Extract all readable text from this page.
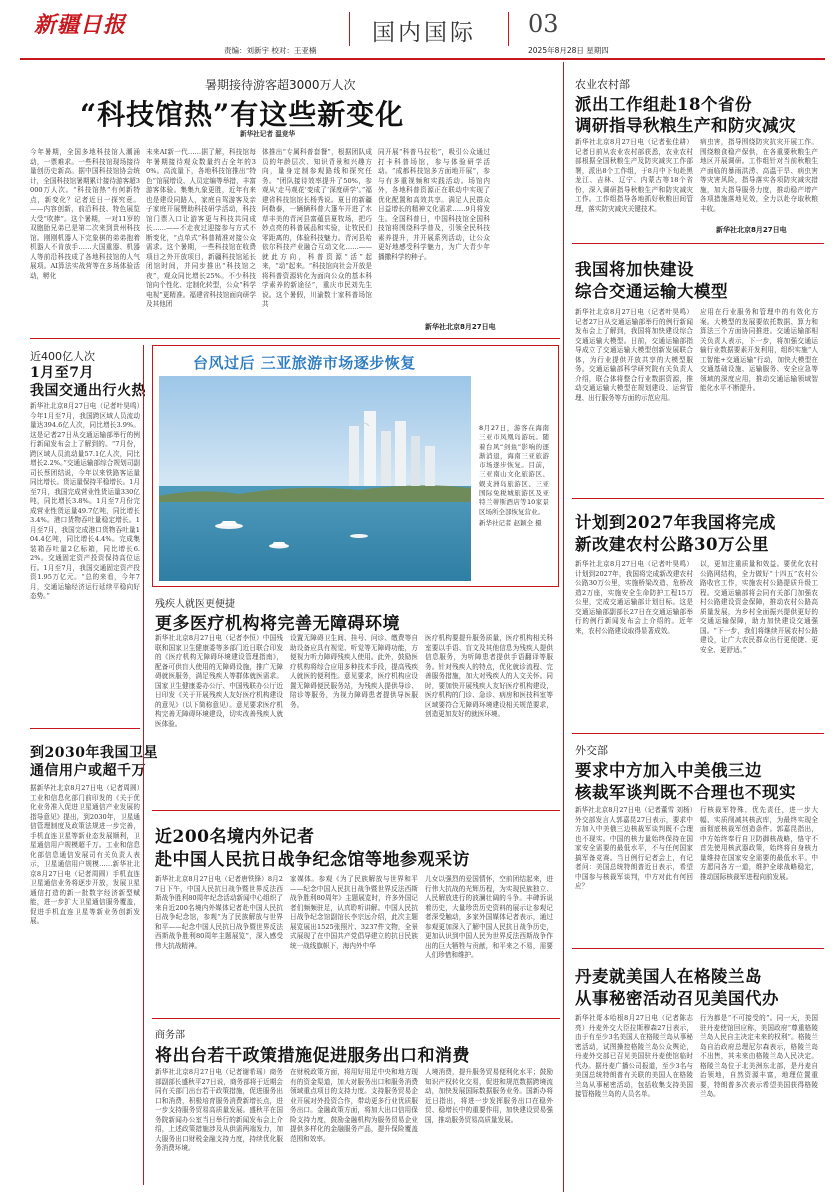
新疆日报
责编：刘新宇 校对：王亚楠
国内国际 03
2025年8月28日 星期四
暑期接待游客超3000万人次
“科技馆热”有这些新变化
新华社记者 温竞华
今年暑期，全国多地科技馆人潮涌动，一票难求。一些科技馆现场接待量创历史新高。据中国科技馆协会统计，全国科技馆暑期累计接待游客超3000万人次。“科技馆热”有何新特点，新变化？记者近日一探究竟。——内容创新，前沿科技、特色展览大受“吹捧”。这个暑期，一对11岁的双胞胎兄弟已是第二次来到贵州科技馆。刚刚机器人下完象棋的弟弟抱着机器人不肯放手……大国重器、机器人等前沿科技成了各地科技馆的人气展项。AI算法实战营等在多场体验活动，孵化
未来AI新一代……据了解，科技馆每年暑期接待观众数量约占全年的30%。高流量下，各地科技馆推出“特色”馆展增设、人员定编等举措，丰富游客体验。集集九象更胜，近年有来也是建设同路人，家庭自驾游客及亲子家庭开展赞助科技研学活动，科技馆门票入口让游客更与科技共同成长……——不走夜过迎接参与方式不断变化，“点单式”科普精准对接公众需求。这个暑期，一些科技馆在收费项目之外开放项目，新疆科技馆延长闭馆时间，并同步推出“科技馆之夜”，观众同比增长25%。不少科技馆向个性化、定制化转型，公众“科学电视”更精准。福建省科技馆面向研学及其他团
体推出“专属科普套餐”，根据团队成员的年龄层次、知识背景和兴趣方向，量身定制参观路线和探究任务。“团队接待效率提升了50%，参观从‘走马观花’变成了‘深度研学’。”福建省科技馆馆长杨秀说。夏日的新疆阿勒泰，一辆辆科普大篷车开进了水草丰美的青河县富蕴县夏牧场，把巧妙点亮的科普展品和实验，让牧民们零距离的，体验科技魅力。青河县哈依尔科技产业融合互动文化……——就此方向，科普资源“活”起来，“动”起来。“科技馆向社会开放是将科普资源转化为面向公众的基本科学素养的新途径”，重庆市民刘先生说。这个暑假，川渝数十家科普场馆共
同开展“科普马拉松”，吸引公众通过打卡科普场馆，参与体验研学活动。“成都科技馆多方面地开展”，参与有多重视频和实践活动。场馆内外，各地科普资源正在联动中实现了优化配置和高效共享。满足人民群众日益增长的精神文化需求……9月将发生。全国科普日，中国科技馆全国科技馆将围绕科学普及，引领全民科技素养提升，并开展系列活动，让公众更好地感受科学魅力，为广大青少年播撒科学的种子。
新华社北京8月27日电
近400亿人次
1月至7月
我国交通出行火热
新华社北京8月27日电（记者叶昊鸣）今年1月至7月，我国跨区域人员流动量达394.6亿人次，同比增长3.9%。这是记者27日从交通运输部举行的例行新闻发布会上了解到的。“7月份，跨区域人员流动量57.1亿人次，同比增长2.2%。”交通运输部综合规划司副司长蔡团结说，今年以来铁路客运量同比增长。货运量保持平稳增长。1月至7月，我国完成营业性货运量330亿吨，同比增长3.8%。1月至7月份完成营业性货运量49.7亿吨，同比增长3.4%。港口货物吞吐量稳定增长。1月至7月，我国完成港口货物吞吐量104.4亿吨，同比增长4.4%。完成集装箱吞吐量2亿标箱，同比增长6.2%。交通固定资产投资保持高位运行。1月至7月，我国交通固定资产投资1.95万亿元。“总的来看，今年7月，交通运输经济运行延续平稳向好态势。”
到2030年我国卫星
通信用户或超千万
据新华社北京8月27日电（记者周圆）工业和信息化部门前印发的《关于优化业务准入促进卫星通信产业发展的指导意见》提出，到2030年，卫星通信管理制度及政策法规进一步完善，手机直连卫星等新业态发展顺利，卫星通信用户规模超千万。工业和信息化部信息通信发展司有关负责人表示，卫星通信用户规模……新华社北京8月27日电（记者周圆）手机直连卫星通信业务将逐步开放，发展卫星通信打造的新一批数字经济新型赋能，进一步扩大卫星通信服务覆盖，促进手机直连卫星等新业务创新发展。
台风过后 三亚旅游市场逐步恢复
8月27日，游客在海南三亚市凤凰岛游玩。随着台风“剑鱼”影响的逐渐消退，海南三亚旅游市场逐步恢复。目前，三亚南山文化旅游区、蜈支洲岛旅游区、三亚国际免税城旅游区及亚特兰蒂斯酒店等10家景区场所全部恢复营业。
新华社记者 赵颖全 摄
残疾人就医更便捷
更多医疗机构将完善无障碍环境
新华社北京8月27日电（记者李恒）中国残联和国家卫生健康委等多部门近日联合印发的《医疗机构无障碍环境建设管理指南》，配备可供盲人使用的无障碍设施，推广无障碍就医服务，满足残疾人等群体就医需求。国家卫生健康委办公厅、中国残联办公厅近日印发《关于开展残疾人友好医疗机构建设的意见》（以下简称意见）。意见要求医疗机构完善无障碍环境建设，切实改善残疾人就医体验。
设置无障碍卫生间、挂号、问诊、缴费等自助设备应具有视觉、听觉等无障碍功能，方便视力听力障碍残疾人使用。此外，鼓励医疗机构将综合应用多种技术手段，提高残疾人就医的便利性。意见要求，医疗机构应设置无障碍便民服务站，为残疾人提供导诊、陪诊等服务，为视力障碍患者提供导医服务。
医疗机构要提升服务质量，医疗机构相关科室要以手语、盲文及其他信息为残疾人提供信息服务，为听障患者提供手语翻译等服务。针对残疾人的特点，优化就诊流程、完善服务措施，加大对残疾人的人文关怀。同时，要加快开展残疾人友好医疗机构建设，医疗机构的门诊、急诊、病房和医技科室等区域要符合无障碍环境建设相关规范要求，创造更加友好的就医环境。
近200名境内外记者
赴中国人民抗日战争纪念馆等地参观采访
新华社北京8月27日电（记者唐铁锋）8月27日下午，中国人民抗日战争暨世界反法西斯战争胜利80周年纪念活动新闻中心组织了来自近200名境内外媒体记者赴中国人民抗日战争纪念馆，参观“为了民族解放与世界和平——纪念中国人民抗日战争暨世界反法西斯战争胜利80周年主题展览”，深入感受伟大抗战精神。
家媒体。参观《为了民族解放与世界和平——纪念中国人民抗日战争暨世界反法西斯战争胜利80周年》主题展览时，许多外国记者们频频驻足，认真聆听讲解。中国人民抗日战争纪念馆副馆长李宗远介绍，此次主题展览展出1525张照片、3237件文物，全景式展现了在中国共产党倡导建立的抗日民族统一战线旗帜下，海内外中华
儿女以强烈的爱国情怀，空前团结起来，进行伟大抗战的光辉历程，为实现民族独立、人民解放进行的波澜壮阔的斗争。丰碑诉说着历史，大量珍贵历史资料的展示让参观记者深受触动，多家外国媒体记者表示，通过参观更加深入了解中国人民抗日战争历史，更加认识到中国人民为世界反法西斯战争作出的巨大牺牲与贡献，和平来之不易，需要人们珍惜和维护。
商务部
将出台若干政策措施促进服务出口和消费
新华社北京8月27日电（记者谢希瑶）商务部副部长盛秋平27日说，商务部将于近期会同有关部门出台若干政策措施，促进服务出口和消费，积极培育服务消费新增长点，进一步支持服务贸易高质量发展。盛秋平在国务院新闻办公室当日举行的新闻发布会上介绍，上述政策措施涉及从供需两端发力，加大服务出口财税金融支持力度，持续优化服务消费环境。
在财税政策方面，将用好用足中央和地方现有的资金渠道，加大对服务出口和服务消费领域重点项目的支持力度。支持服务贸易企业开展对外投资合作，带动更多行业优质服务出口。金融政策方面，将加大出口信用保险支持力度，鼓励金融机构为服务贸易企业提供多样化的金融服务产品，提升保险覆盖范围和效率。
人境消费，提升服务贸易便利化水平；鼓励知识产权转化交易，促进和规范数据跨境流动，加快发展国际数据服务业务。国新办将近日指出，将进一步发挥服务出口在稳外贸、稳增长中的重要作用，加快建设贸易强国，推动服务贸易高质量发展。
农业农村部
派出工作组赴18个省份
调研指导秋粮生产和防灾减灾
新华社北京8月27日电（记者张佳耕）记者日前从农业农村部获悉，农业农村部根据全国秋粮生产及防灾减灾工作部署，派出8个工作组，于8月中下旬赴黑龙江、吉林、辽宁、内蒙古等18个省份，深入调研指导秋粮生产和防灾减灾工作。工作组指导各地抓好秋粮田间管理，落实防灾减灾关键技术。
病虫害，指导围绕防灾抗灾开展工作。围绕粮食稳产保供，在各重要秋粮生产地区开展调研。工作组针对当前秋粮生产面临的暴雨洪涝、高温干旱、病虫害等灾害风险，指导落实各项防灾减灾措施，加大指导服务力度，推动稳产增产各项措施落地见效，全力以赴夺取秋粮丰收。
新华社北京8月27日电
我国将加快建设
综合交通运输大模型
新华社北京8月27日电（记者叶昊鸣）记者27日从交通运输部举行的例行新闻发布会上了解到，我国将加快建设综合交通运输大模型。日前，交通运输部指导成立了交通运输大模型创新发展联合体，为行业提供开放共享的大模型服务。交通运输部科学研究院有关负责人介绍，联合体将整合行业数据资源，推动交通运输大模型在规划建设、运营管理、出行服务等方面的示范应用。
应用在行业服务和管理中的有效化方案。大模型的发展要依托数据、算力和算法三个方面协同推进。交通运输部相关负责人表示，下一步，将加强交通运输行业数据要素开发利用，组织实施“人工智能+交通运输”行动，加快大模型在交通基础设施、运输服务、安全应急等领域的深度应用，推动交通运输领域智能化水平不断提升。
计划到2027年我国将完成
新改建农村公路30万公里
新华社北京8月27日电（记者叶昊鸣）计划到2027年，我国将完成新改建农村公路30万公里，实施桥梁改造、危桥改造2万座，实施安全生命防护工程15万公里，完成交通运输部计划目标。这是交通运输部副部长27日在交通运输部举行的例行新闻发布会上介绍的。近年来，农村公路建设取得显著成效。
以，更加注重质量和效益。要优化农村公路网结构，全力做好“十四五”农村公路收官工作，实施农村公路提质升级工程。交通运输部将会同有关部门加强农村公路建设资金保障，推动农村公路高质量发展，为乡村全面振兴提供更好的交通运输保障，助力加快建设交通强国。“下一步，我们将继续开展农村公路建设，让广大农民群众出行更便捷、更安全、更舒适。”
外交部
要求中方加入中美俄三边
核裁军谈判既不合理也不现实
新华社北京8月27日电（记者董雪 刘杨）外交部发言人郭嘉昆27日表示，要求中方加入中美俄三边核裁军谈判既不合理也不现实。中国的核力量始终保持在国家安全需要的最低水平，不与任何国家搞军备竞赛。当日例行记者会上，有记者问：美国总统特朗普近日表示，希望中国参与核裁军谈判，中方对此有何回应？
行核裁军特殊、优先责任，进一步大幅、实质削减其核武库，为最终实现全面彻底核裁军创造条件。郭嘉昆指出，中方始终奉行自卫防御核战略，恪守不首先使用核武器政策，始终将自身核力量维持在国家安全需要的最低水平。中方愿同各方一道，维护全球战略稳定，推动国际核裁军进程向前发展。
丹麦就美国人在格陵兰岛
从事秘密活动召见美国代办
新华社哥本哈根8月27日电（记者陈志亮）丹麦外交大臣拉斯穆森27日表示，由于有至少3名美国人在格陵兰岛从事秘密活动，试图操控格陵兰岛公众舆论，丹麦外交部已召见美国驻丹麦使馆临时代办。据丹麦广播公司报道，至少3名与美国总统特朗普有关联的美国人在格陵兰岛从事秘密活动，包括收集支持美国接管格陵兰岛的人员名单。
行为都是“不可接受的”。同一天，美国驻丹麦使馆回应称，美国政府“尊重格陵兰岛人民自主决定未来的权利”。格陵兰岛自治政府总理尼尔森表示，格陵兰岛不出售，其未来由格陵兰岛人民决定。格陵兰岛位于北美洲东北部，是丹麦自治领地，自然资源丰富，地理位置重要，特朗普多次表示希望美国获得格陵兰岛。
